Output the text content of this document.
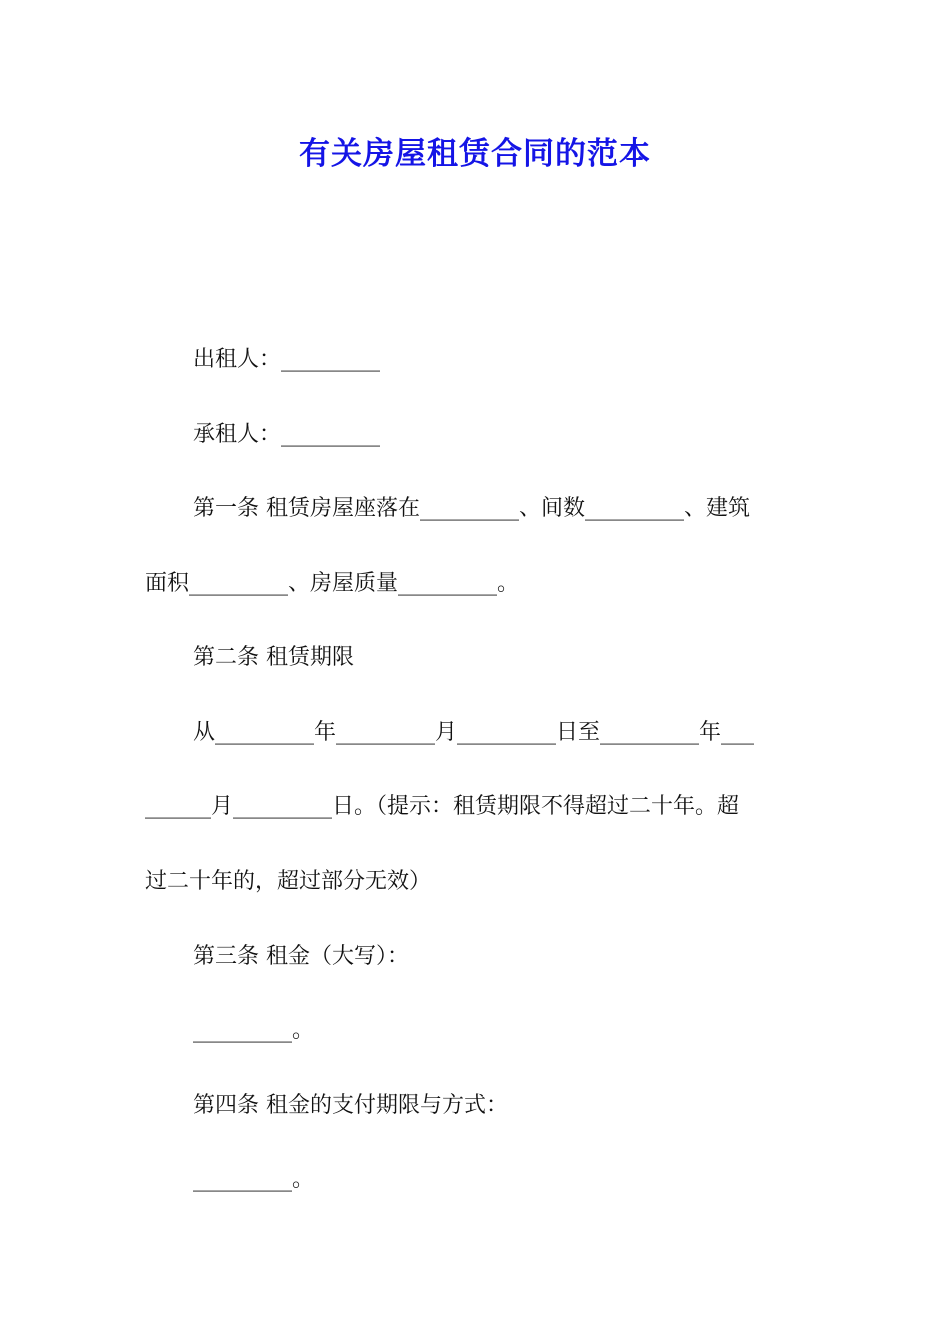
有关房屋租赁合同的范本

出租人：_________

承租人：_________

第一条 租赁房屋座落在_________、间数_________、建筑

面积_________、房屋质量_________。

第二条 租赁期限

从_________年_________月_________日至_________年___

______月_________日。（提示：租赁期限不得超过二十年。超

过二十年的，超过部分无效）

第三条 租金（大写）：

_________。

第四条 租金的支付期限与方式：

_________。
